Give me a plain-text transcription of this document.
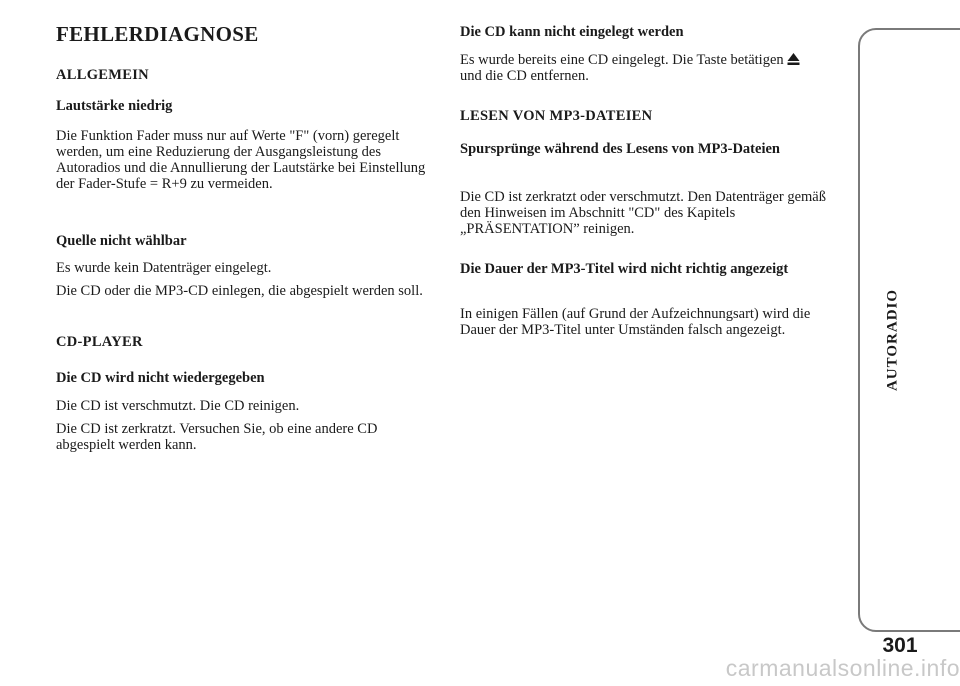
FEHLERDIAGNOSE
ALLGEMEIN
Lautstärke niedrig

Die Funktion Fader muss nur auf Werte "F" (vorn) geregelt werden, um eine Reduzierung der Ausgangsleistung des Autoradios und die Annullierung der Lautstärke bei Einstellung der Fader-Stufe = R+9 zu vermeiden.

Quelle nicht wählbar

Es wurde kein Datenträger eingelegt.

Die CD oder die MP3-CD einlegen, die abgespielt werden soll.

CD-PLAYER
Die CD wird nicht wiedergegeben

Die CD ist verschmutzt. Die CD reinigen.

Die CD ist zerkratzt. Versuchen Sie, ob eine andere CD abgespielt werden kann.

Die CD kann nicht eingelegt werden

Es wurde bereits eine CD eingelegt. Die Taste betätigenund die CD entfernen.

LESEN VON MP3-DATEIEN
Spursprünge während des Lesens von MP3-Dateien

Die CD ist zerkratzt oder verschmutzt. Den Datenträger gemäß den Hinweisen im Abschnitt "CD" des Kapitels „PRÄSENTATION” reinigen.

Die Dauer der MP3-Titel wird nicht richtig angezeigt

In einigen Fällen (auf Grund der Aufzeichnungsart) wird die Dauer der MP3-Titel unter Umständen falsch angezeigt.	AUTORADIO
301
carmanualsonline.info
